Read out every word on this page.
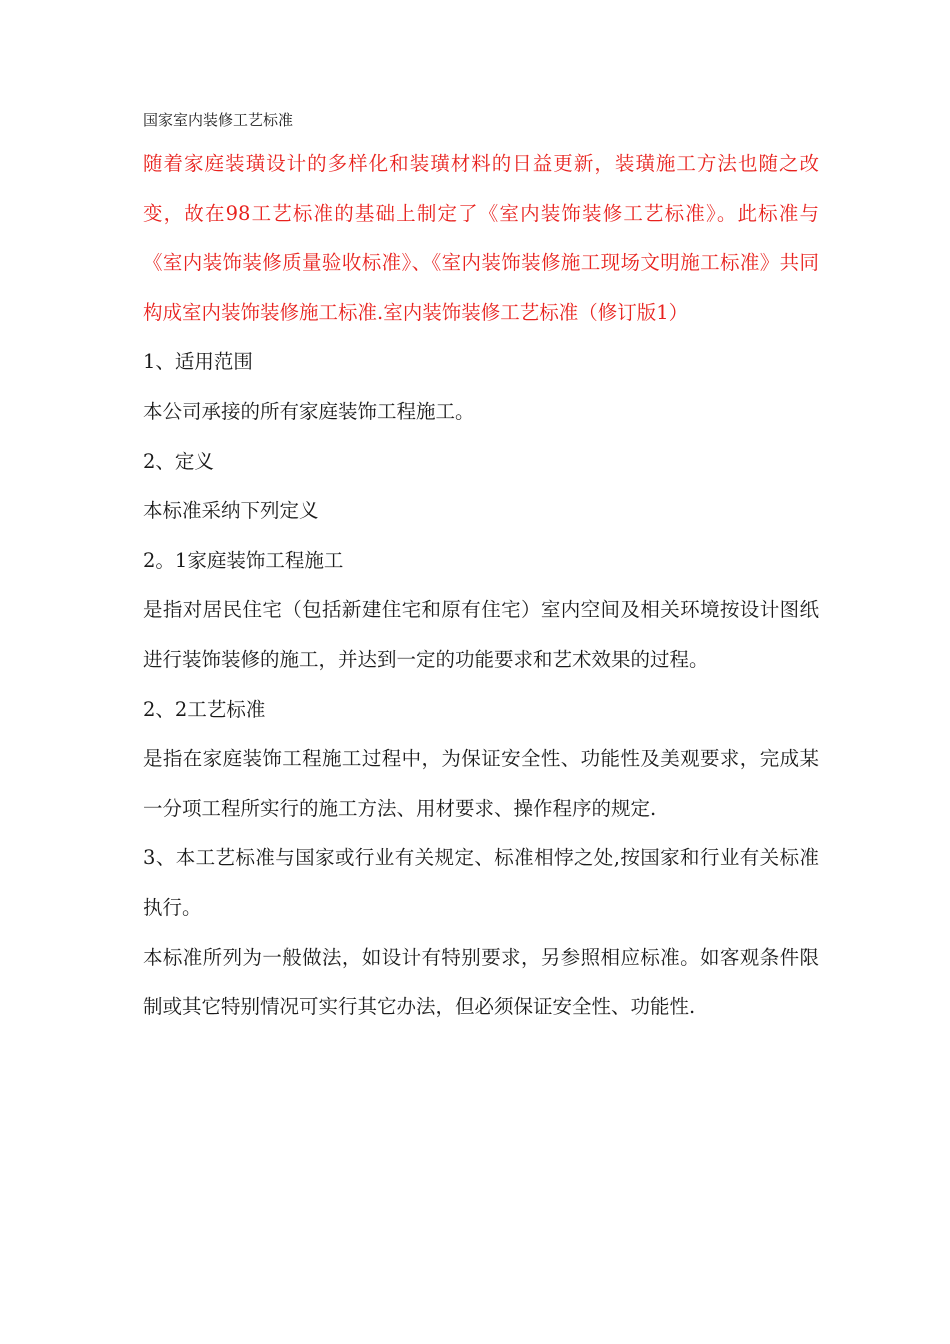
国家室内装修工艺标准

随着家庭装璜设计的多样化和装璜材料的日益更新，装璜施工方法也随之改变，故在98工艺标准的基础上制定了《室内装饰装修工艺标准》。此标准与《室内装饰装修质量验收标准》、《室内装饰装修施工现场文明施工标准》共同构成室内装饰装修施工标准.室内装饰装修工艺标准（修订版1）

1、适用范围

本公司承接的所有家庭装饰工程施工。

2、定义

本标准采纳下列定义

2。1家庭装饰工程施工

是指对居民住宅（包括新建住宅和原有住宅）室内空间及相关环境按设计图纸进行装饰装修的施工，并达到一定的功能要求和艺术效果的过程。

2、2工艺标准

是指在家庭装饰工程施工过程中，为保证安全性、功能性及美观要求，完成某一分项工程所实行的施工方法、用材要求、操作程序的规定.

3、本工艺标准与国家或行业有关规定、标准相悖之处,按国家和行业有关标准执行。

本标准所列为一般做法，如设计有特别要求，另参照相应标准。如客观条件限制或其它特别情况可实行其它办法，但必须保证安全性、功能性.
